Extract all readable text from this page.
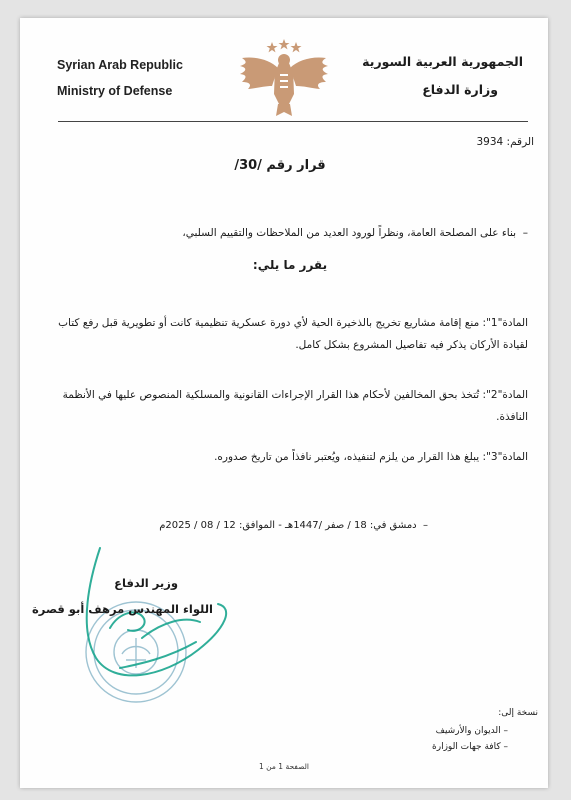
Syrian Arab Republic
Ministry of Defense
الجمهورية العربية السورية
وزارة الدفاع
الرقم: 3934
قرار رقم /30/
–  بناء على المصلحة العامة، ونظراً لورود العديد من الملاحظات والتقييم السلبي،
يقرر ما يلي:
المادة"1": منع إقامة مشاريع تخريج بالذخيرة الحية لأي دورة عسكرية تنظيمية كانت أو تطويرية قبل رفع كتاب
لقيادة الأركان يذكر فيه تفاصيل المشروع بشكل كامل.
المادة"2": تُتخذ بحق المخالفين لأحكام هذا القرار الإجراءات القانونية والمسلكية المنصوص عليها في الأنظمة
النافذة.
المادة"3": يبلغ هذا القرار من يلزم لتنفيذه، ويُعتبر نافذاً من تاريخ صدوره.
–  دمشق في: 18 / صفر /1447هـ - الموافق: 12 / 08 / 2025م
وزير الدفاع
اللواء المهندس مرهف أبو قصرة
نسخة إلى:
– الديوان والأرشيف
– كافة جهات الوزارة
الصفحة 1 من 1
